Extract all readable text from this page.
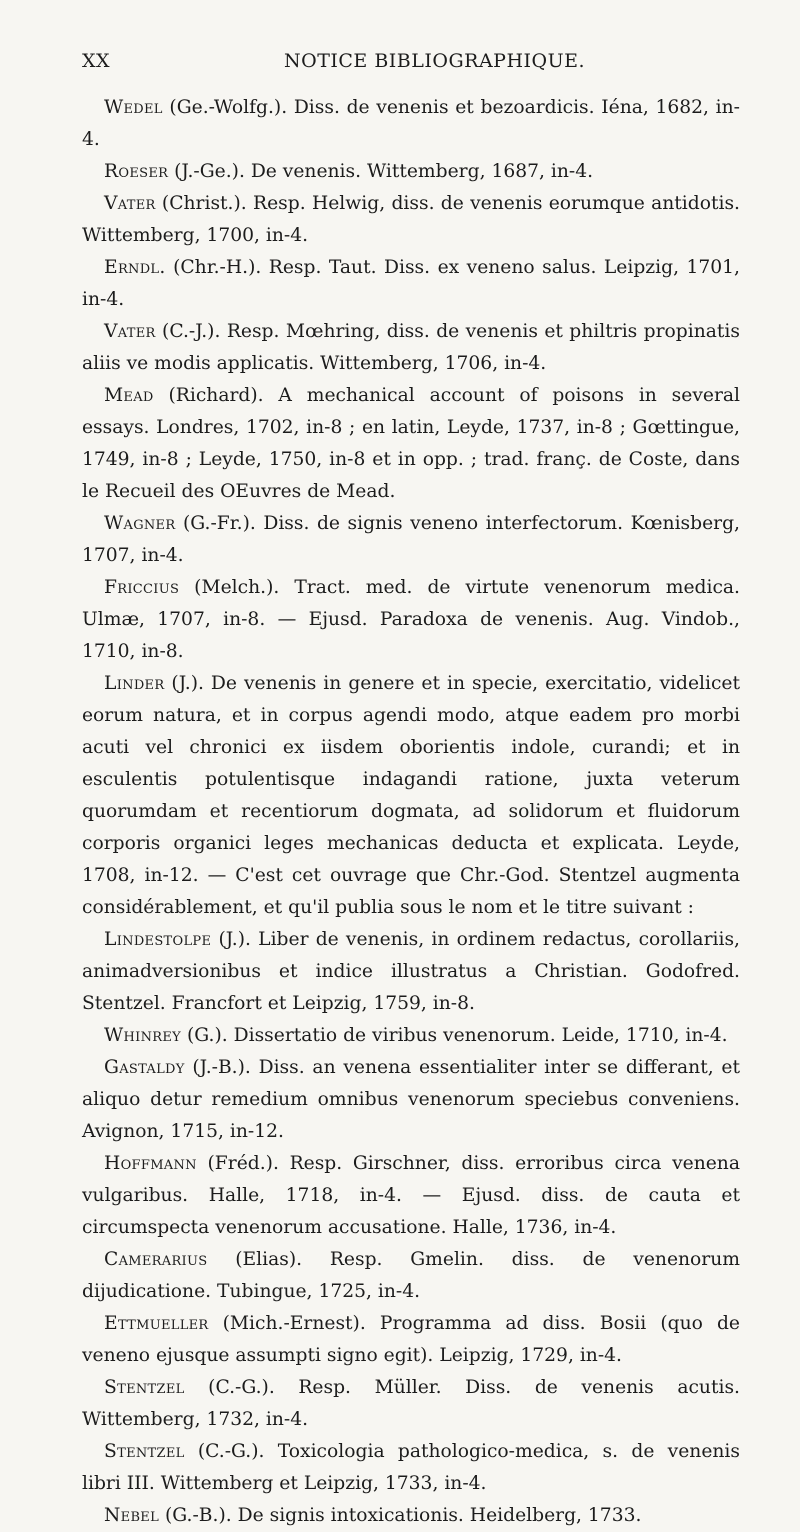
XX	NOTICE BIBLIOGRAPHIQUE.

Wedel (Ge.-Wolfg.). Diss. de venenis et bezoardicis. Iéna, 1682, in-4.

Roeser (J.-Ge.). De venenis. Wittemberg, 1687, in-4.

Vater (Christ.). Resp. Helwig, diss. de venenis eorumque antidotis. Wittemberg, 1700, in-4.

Erndl. (Chr.-H.). Resp. Taut. Diss. ex veneno salus. Leipzig, 1701, in-4.

Vater (C.-J.). Resp. Mœhring, diss. de venenis et philtris propinatis aliis ve modis applicatis. Wittemberg, 1706, in-4.

Mead (Richard). A mechanical account of poisons in several essays. Londres, 1702, in-8 ; en latin, Leyde, 1737, in-8 ; Gœttingue, 1749, in-8 ; Leyde, 1750, in-8 et in opp. ; trad. franç. de Coste, dans le Recueil des OEuvres de Mead.

Wagner (G.-Fr.). Diss. de signis veneno interfectorum. Kœnisberg, 1707, in-4.

Friccius (Melch.). Tract. med. de virtute venenorum medica. Ulmæ, 1707, in-8. — Ejusd. Paradoxa de venenis. Aug. Vindob., 1710, in-8.

Linder (J.). De venenis in genere et in specie, exercitatio, videlicet eorum natura, et in corpus agendi modo, atque eadem pro morbi acuti vel chronici ex iisdem oborientis indole, curandi; et in esculentis potulentisque indagandi ratione, juxta veterum quorumdam et recentiorum dogmata, ad solidorum et fluidorum corporis organici leges mechanicas deducta et explicata. Leyde, 1708, in-12. — C'est cet ouvrage que Chr.-God. Stentzel augmenta considérablement, et qu'il publia sous le nom et le titre suivant :

Lindestolpe (J.). Liber de venenis, in ordinem redactus, corollariis, animadversionibus et indice illustratus a Christian. Godofred. Stentzel. Francfort et Leipzig, 1759, in-8.

Whinrey (G.). Dissertatio de viribus venenorum. Leide, 1710, in-4.

Gastaldy (J.-B.). Diss. an venena essentialiter inter se differant, et aliquo detur remedium omnibus venenorum speciebus conveniens. Avignon, 1715, in-12.

Hoffmann (Fréd.). Resp. Girschner, diss. erroribus circa venena vulgaribus. Halle, 1718, in-4. — Ejusd. diss. de cauta et circumspecta venenorum accusatione. Halle, 1736, in-4.

Camerarius (Elias). Resp. Gmelin. diss. de venenorum dijudicatione. Tubingue, 1725, in-4.

Ettmueller (Mich.-Ernest). Programma ad diss. Bosii (quo de veneno ejusque assumpti signo egit). Leipzig, 1729, in-4.

Stentzel (C.-G.). Resp. Müller. Diss. de venenis acutis. Wittemberg, 1732, in-4.

Stentzel (C.-G.). Toxicologia pathologico-medica, s. de venenis libri III. Wittemberg et Leipzig, 1733, in-4.

Nebel (G.-B.). De signis intoxicationis. Heidelberg, 1733.
